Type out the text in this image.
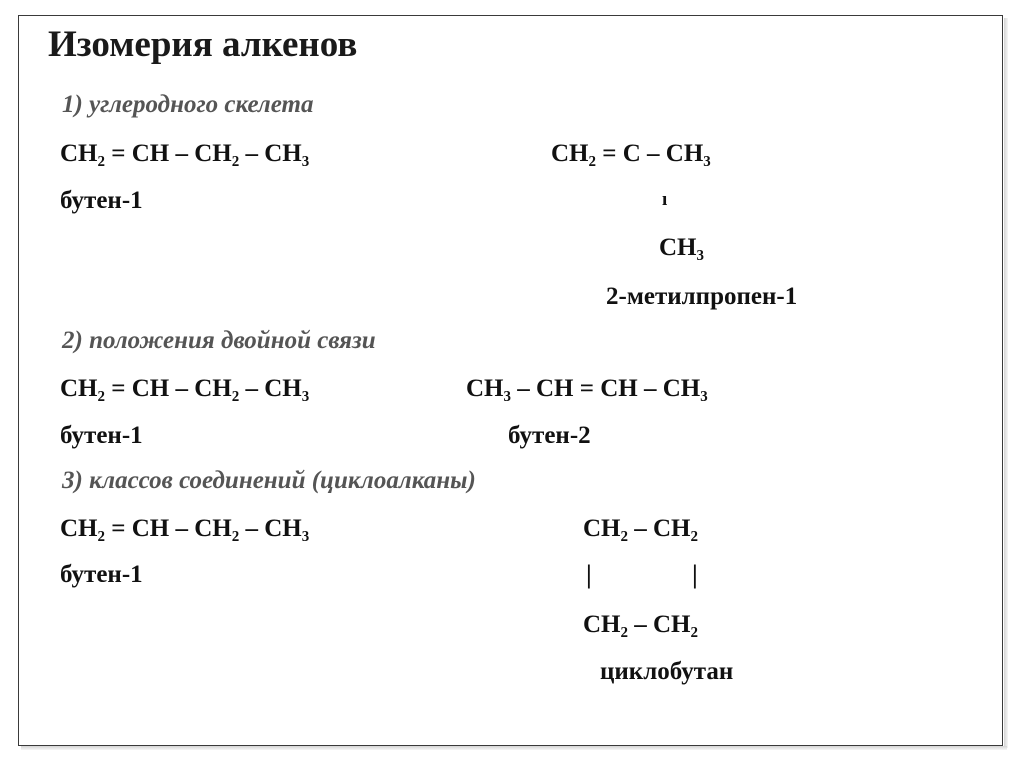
Изомерия алкенов
1) углеродного скелета
CH₂ = CH – CH₂ – CH₃
бутен-1
CH₂ = C – CH₃
ı
CH₃
2-метилпропен-1
2) положения двойной связи
CH₂ = CH – CH₂ – CH₃	CH₃ – CH = CH – CH₃
бутен-1	бутен-2
3) классов соединений (циклоалканы)
CH₂ = CH – CH₂ – CH₃
бутен-1
CH₂ – CH₂
|	|
CH₂ – CH₂
циклобутан
